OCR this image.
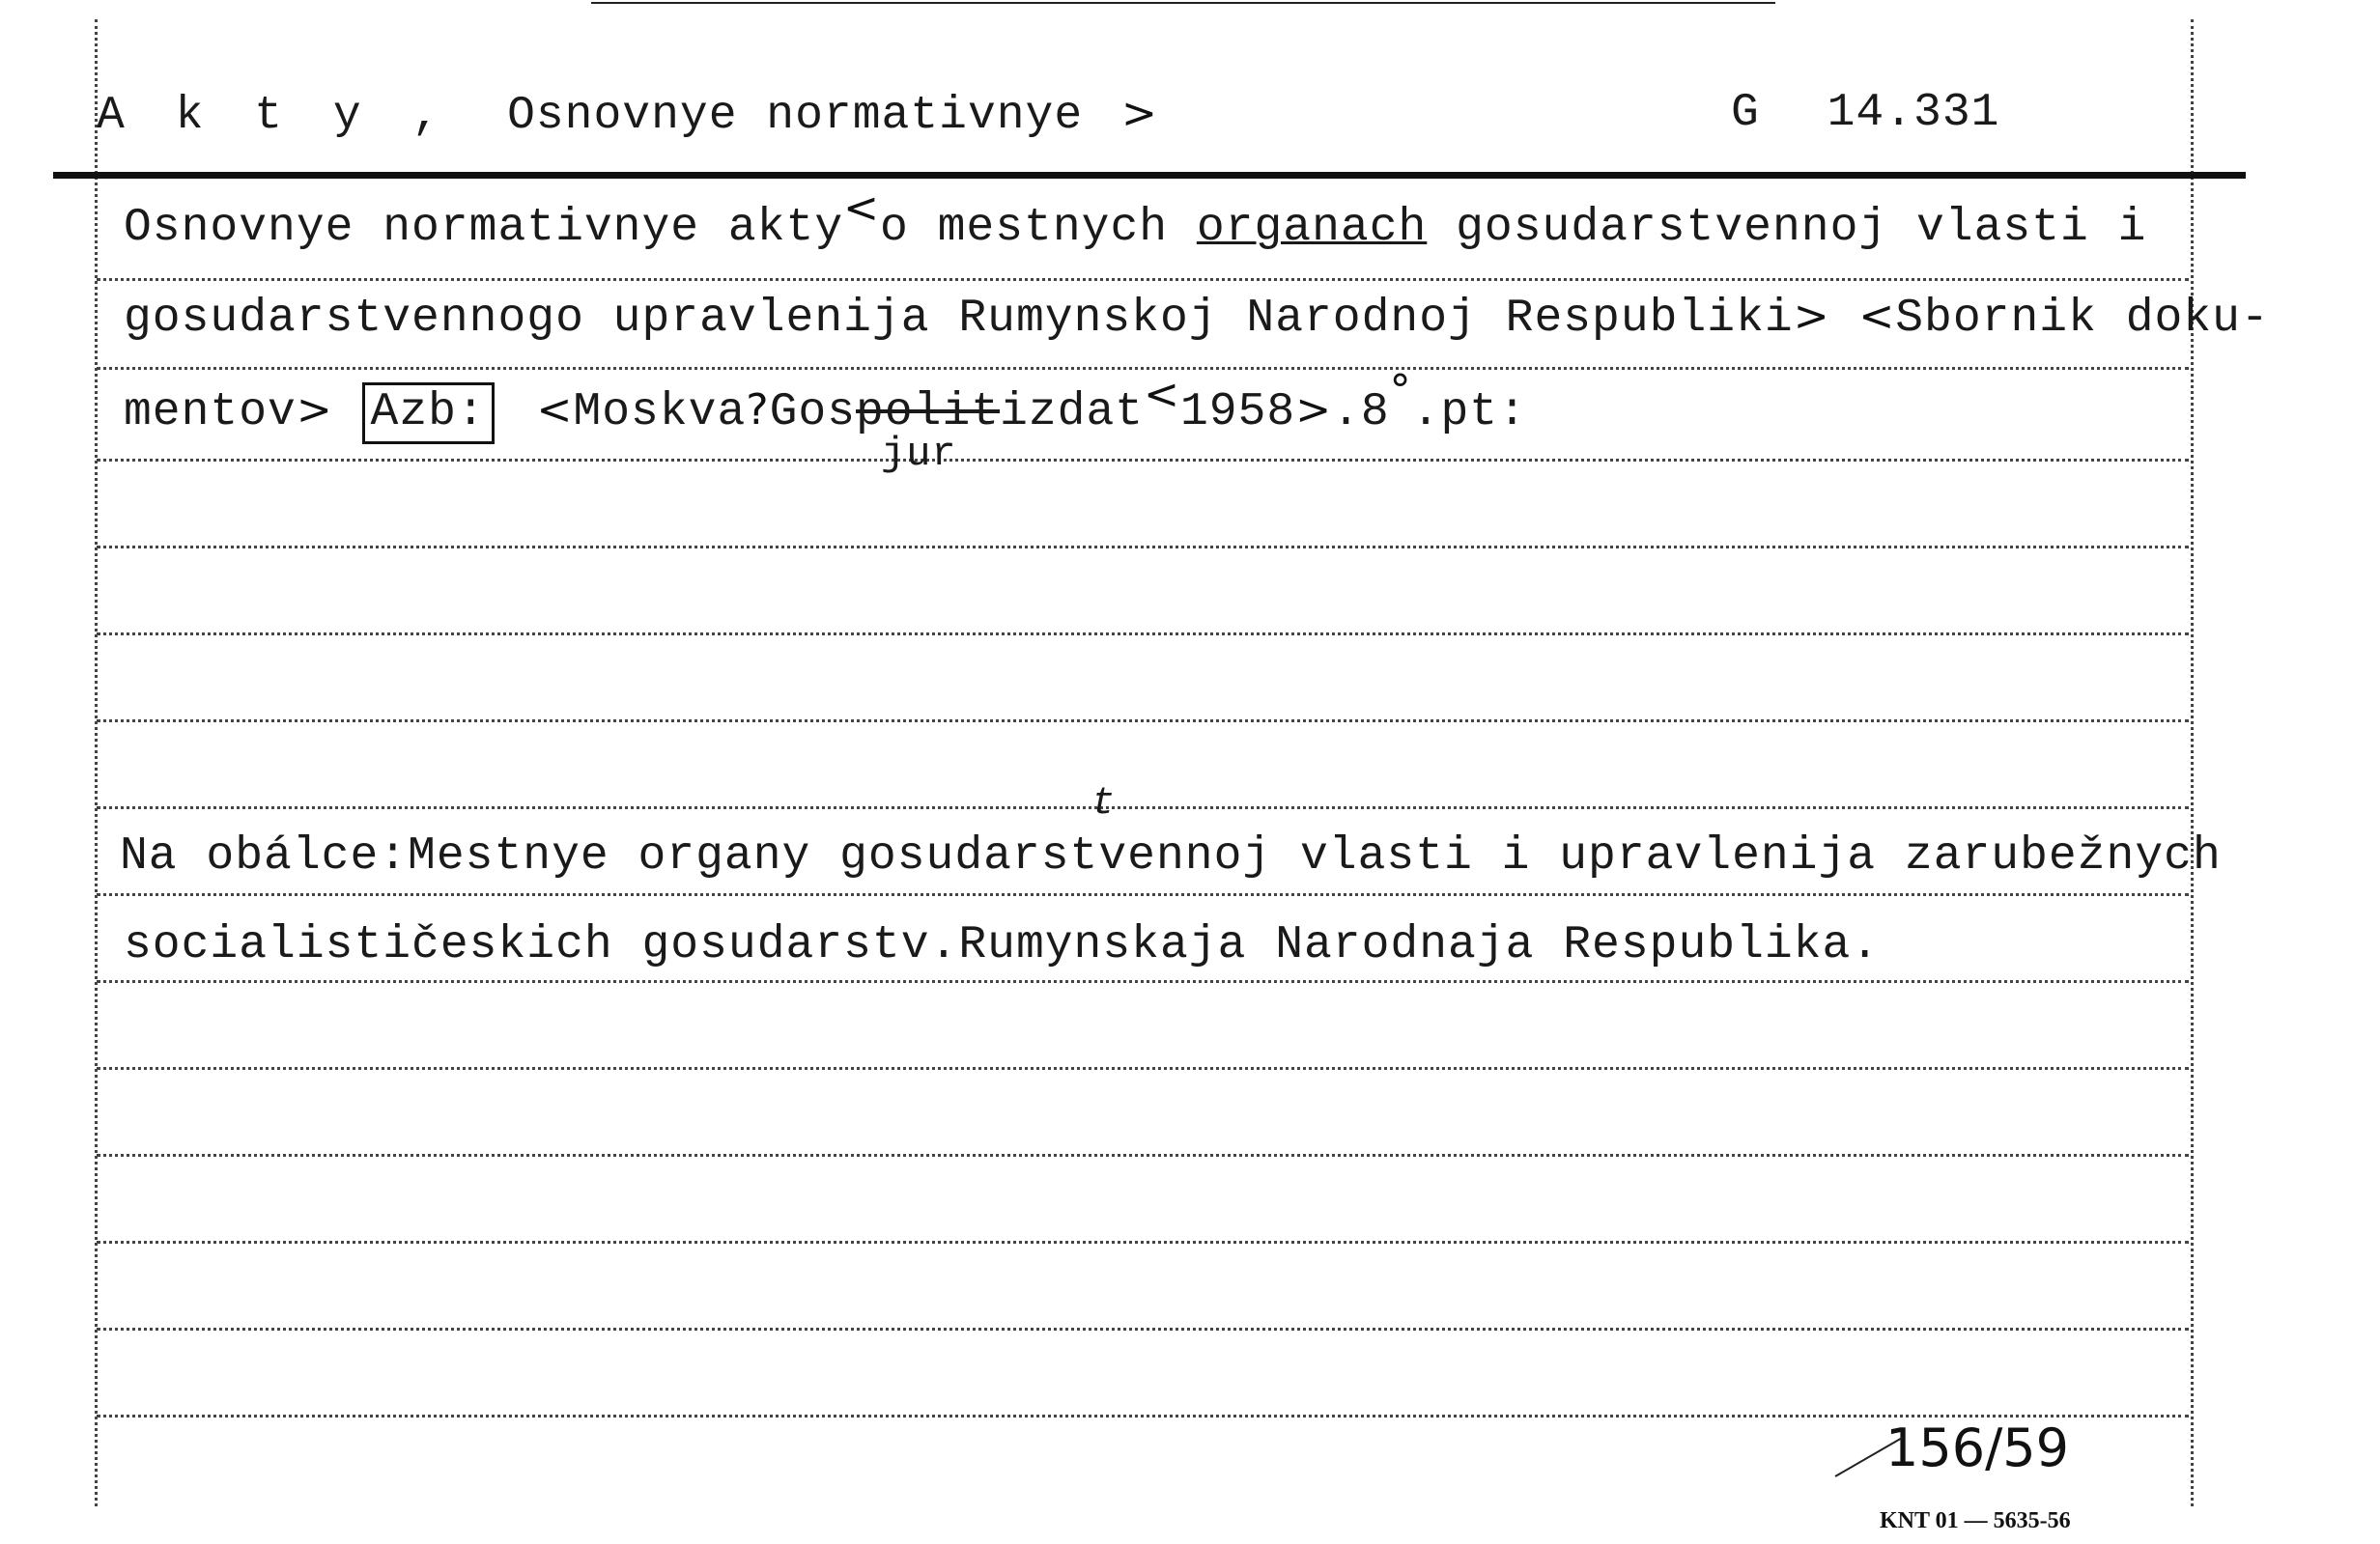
A k t y , Osnovnye normativnye >	G 14.331
Osnovnye normativnye akty<o mestnych organach gosudarstvennoj vlasti i
gosudarstvennogo upravlenija Rumynskoj Narodnoj Respubliki> <Sbornik doku-
mentov> Azb: <Moskva?Gospolitizdat<1958>.8°.pt:
jur
Na obálce:Mestnye organy gosudarstvennoj vlasti i upravlenija zarubežnych
t
socialističeskich gosudarstv.Rumynskaja Narodnaja Respublika.
156/59
KNT 01 — 5635-56
